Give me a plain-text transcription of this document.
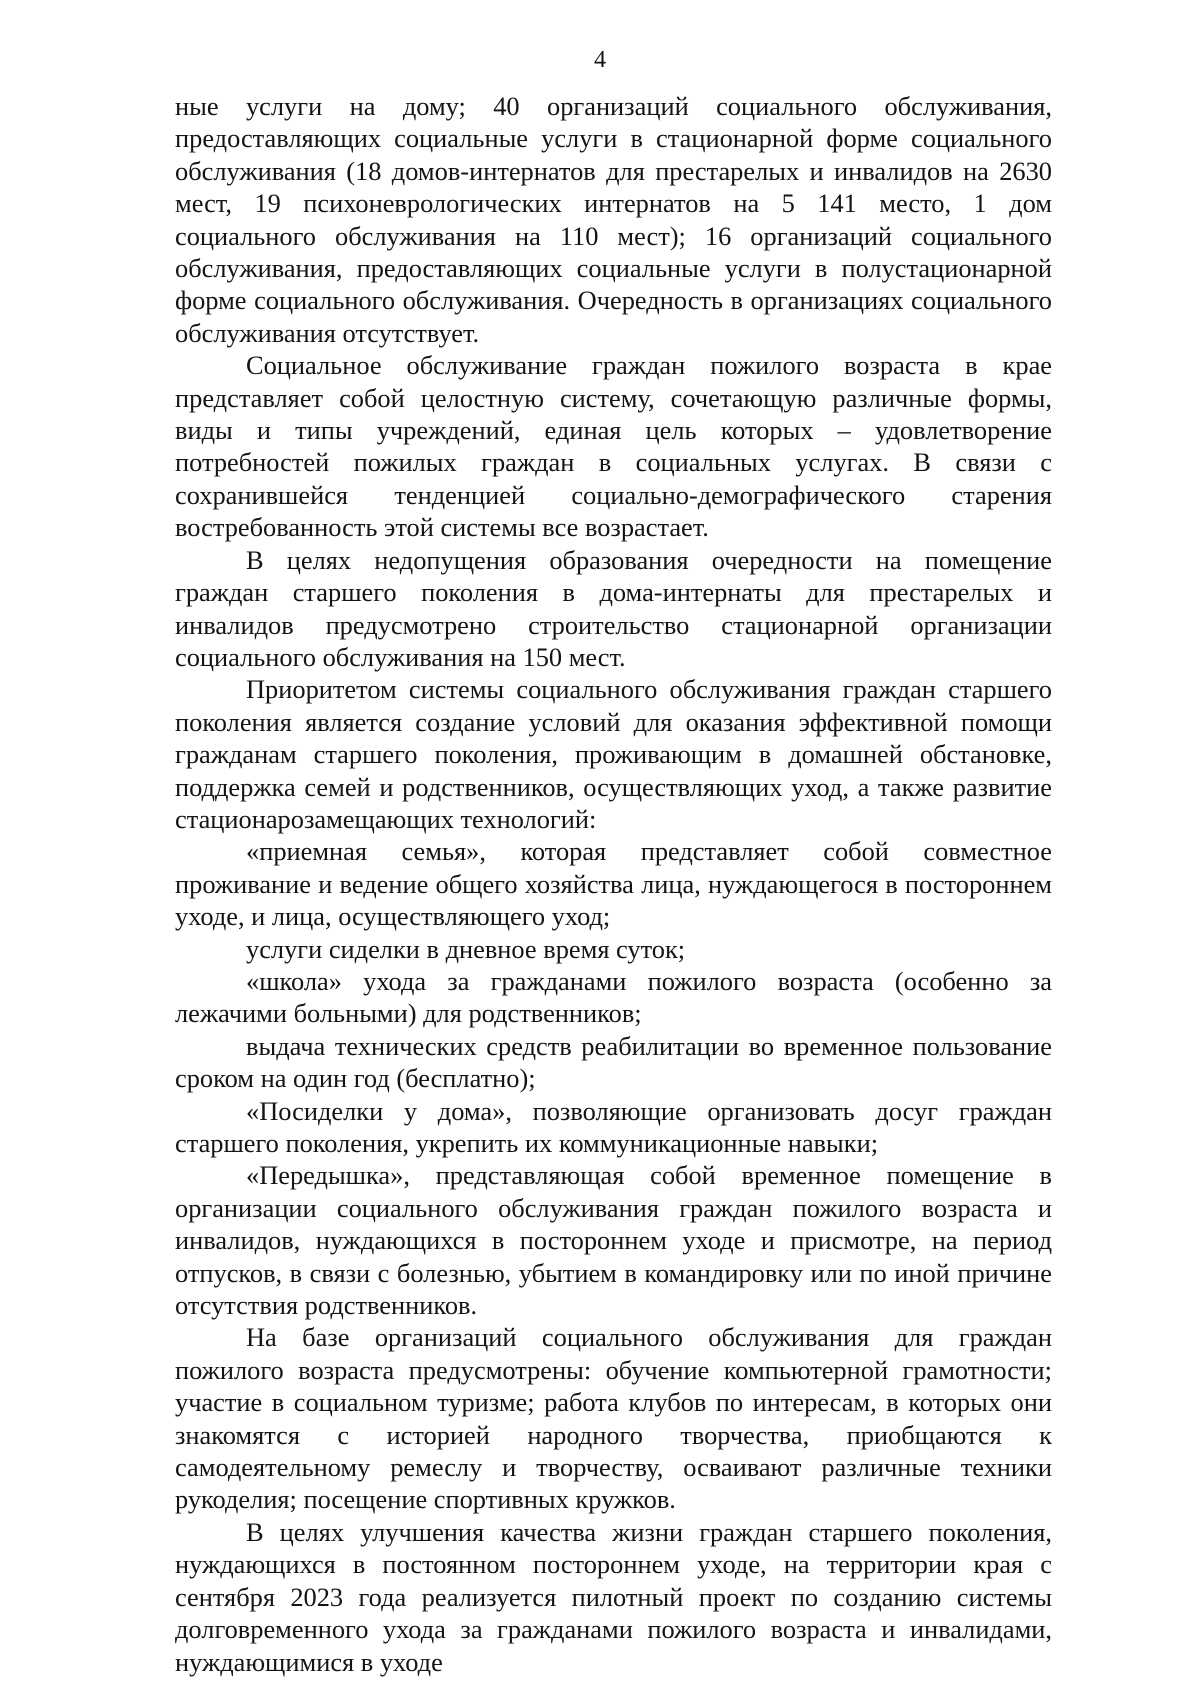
4

ные услуги на дому; 40 организаций социального обслуживания, предоставляющих социальные услуги в стационарной форме социального обслуживания (18 домов-интернатов для престарелых и инвалидов на 2630 мест, 19 психоневрологических интернатов на 5 141 место, 1 дом социального обслуживания на 110 мест); 16 организаций социального обслуживания, предоставляющих социальные услуги в полустационарной форме социального обслуживания. Очередность в организациях социального обслуживания отсутствует.

Социальное обслуживание граждан пожилого возраста в крае представляет собой целостную систему, сочетающую различные формы, виды и типы учреждений, единая цель которых – удовлетворение потребностей пожилых граждан в социальных услугах. В связи с сохранившейся тенденцией социально-демографического старения востребованность этой системы все возрастает.

В целях недопущения образования очередности на помещение граждан старшего поколения в дома-интернаты для престарелых и инвалидов предусмотрено строительство стационарной организации социального обслуживания на 150 мест.

Приоритетом системы социального обслуживания граждан старшего поколения является создание условий для оказания эффективной помощи гражданам старшего поколения, проживающим в домашней обстановке, поддержка семей и родственников, осуществляющих уход, а также развитие стационарозамещающих технологий:

«приемная семья», которая представляет собой совместное проживание и ведение общего хозяйства лица, нуждающегося в постороннем уходе, и лица, осуществляющего уход;

услуги сиделки в дневное время суток;

«школа» ухода за гражданами пожилого возраста (особенно за лежачими больными) для родственников;

выдача технических средств реабилитации во временное пользование сроком на один год (бесплатно);

«Посиделки у дома», позволяющие организовать досуг граждан старшего поколения, укрепить их коммуникационные навыки;

«Передышка», представляющая собой временное помещение в организации социального обслуживания граждан пожилого возраста и инвалидов, нуждающихся в постороннем уходе и присмотре, на период отпусков, в связи с болезнью, убытием в командировку или по иной причине отсутствия родственников.

На базе организаций социального обслуживания для граждан пожилого возраста предусмотрены: обучение компьютерной грамотности; участие в социальном туризме; работа клубов по интересам, в которых они знакомятся с историей народного творчества, приобщаются к самодеятельному ремеслу и творчеству, осваивают различные техники рукоделия; посещение спортивных кружков.

В целях улучшения качества жизни граждан старшего поколения, нуждающихся в постоянном постороннем уходе, на территории края с сентября 2023 года реализуется пилотный проект по созданию системы долговременного ухода за гражданами пожилого возраста и инвалидами, нуждающимися в уходе
